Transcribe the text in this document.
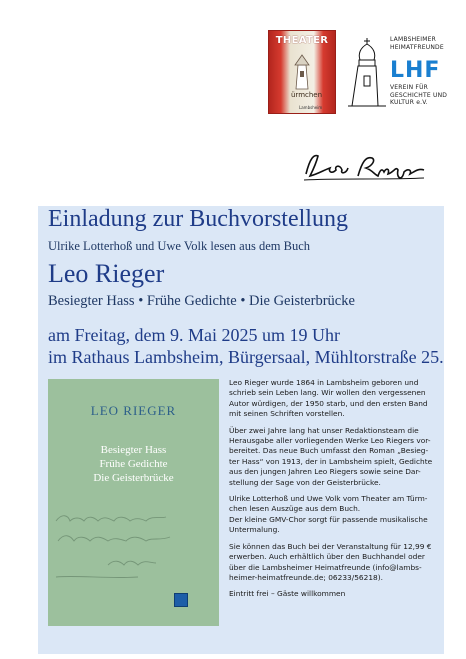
THEATER
ürmchen
Lambsheim
LAMBSHEIMER
HEIMATFREUNDE
LHF
VEREIN FÜR
GESCHICHTE UND
KULTUR e.V.
Einladung zur Buchvorstellung
Ulrike Lotterhoß und Uwe Volk lesen aus dem Buch
Leo Rieger
Besiegter Hass • Frühe Gedichte • Die Geisterbrücke
am Freitag, dem 9. Mai 2025 um 19 Uhr
im Rathaus Lambsheim, Bürgersaal, Mühltorstraße 25.
LEO RIEGER
Besiegter Hass
Frühe Gedichte
Die Geisterbrücke

Leo Rieger wurde 1864 in Lambsheim geboren und
schrieb sein Leben lang. Wir wollen den vergessenen
Autor würdigen, der 1950 starb, und den ersten Band
mit seinen Schriften vorstellen.

Über zwei Jahre lang hat unser Redaktionsteam die
Herausgabe aller vorliegenden Werke Leo Riegers vor-
bereitet. Das neue Buch umfasst den Roman „Besieg-
ter Hass“ von 1913, der in Lambsheim spielt, Gedichte
aus den jungen Jahren Leo Riegers sowie seine Dar-
stellung der Sage von der Geisterbrücke.

Ulrike Lotterhoß und Uwe Volk vom Theater am Türm-
chen lesen Auszüge aus dem Buch.
Der kleine GMV-Chor sorgt für passende musikalische
Untermalung.

Sie können das Buch bei der Veranstaltung für 12,99 €
erwerben. Auch erhältlich über den Buchhandel oder
über die Lambsheimer Heimatfreunde (info@lambs-
heimer-heimatfreunde.de; 06233/56218).

Eintritt frei – Gäste willkommen
